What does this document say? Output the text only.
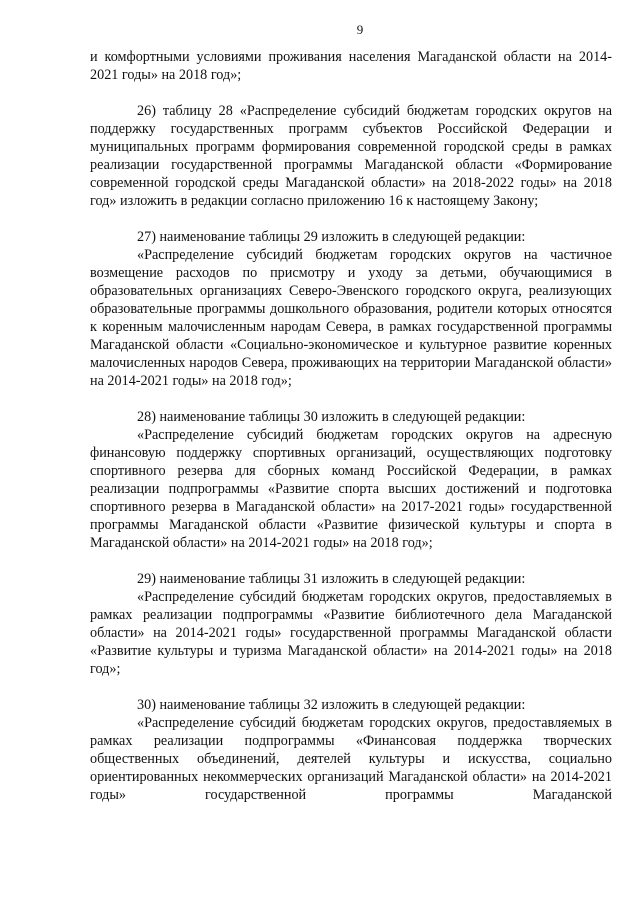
9

и комфортными условиями проживания населения Магаданской области на 2014-2021 годы» на 2018 год»;

26) таблицу 28 «Распределение субсидий бюджетам городских округов на поддержку государственных программ субъектов Российской Федерации и муниципальных программ формирования современной городской среды в рамках реализации государственной программы Магаданской области «Формирование современной городской среды Магаданской области» на 2018-2022 годы» на 2018 год» изложить в редакции согласно приложению 16 к настоящему Закону;

27) наименование таблицы 29 изложить в следующей редакции:

«Распределение субсидий бюджетам городских округов на частичное возмещение расходов по присмотру и уходу за детьми, обучающимися в образовательных организациях Северо-Эвенского городского округа, реализующих образовательные программы дошкольного образования, родители которых относятся к коренным малочисленным народам Севера, в рамках государственной программы Магаданской области «Социально-экономическое и культурное развитие коренных малочисленных народов Севера, проживающих на территории Магаданской области» на 2014-2021 годы» на 2018 год»;

28) наименование таблицы 30 изложить в следующей редакции:

«Распределение субсидий бюджетам городских округов на адресную финансовую поддержку спортивных организаций, осуществляющих подготовку спортивного резерва для сборных команд Российской Федерации, в рамках реализации подпрограммы «Развитие спорта высших достижений и подготовка спортивного резерва в Магаданской области» на 2017-2021 годы» государственной программы Магаданской области «Развитие физической культуры и спорта в Магаданской области» на 2014-2021 годы» на 2018 год»;

29) наименование таблицы 31 изложить в следующей редакции:

«Распределение субсидий бюджетам городских округов, предоставляемых в рамках реализации подпрограммы «Развитие библиотечного дела Магаданской области» на 2014-2021 годы» государственной программы Магаданской области «Развитие культуры и туризма Магаданской области» на 2014-2021 годы» на 2018 год»;

30) наименование таблицы 32 изложить в следующей редакции:

«Распределение субсидий бюджетам городских округов, предоставляемых в рамках реализации подпрограммы «Финансовая поддержка творческих общественных объединений, деятелей культуры и искусства, социально ориентированных некоммерческих организаций Магаданской области» на 2014-2021 годы» государственной программы Магаданской
